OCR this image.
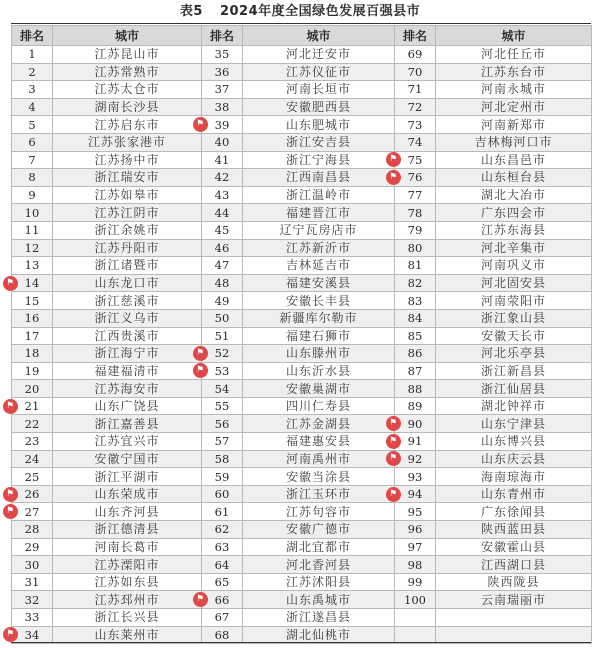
表5 2024年度全国绿色发展百强县市
排名	城市	排名	城市	排名	城市
1	江苏昆山市	35	河北迁安市	69	河北任丘市
2	江苏常熟市	36	江苏仪征市	70	江苏东台市
3	江苏太仓市	37	河南长垣市	71	河南永城市
4	湖南长沙县	38	安徽肥西县	72	河北定州市
5	江苏启东市	39	山东肥城市	73	河南新郑市
6	江苏张家港市	40	浙江安吉县	74	吉林梅河口市
7	江苏扬中市	41	浙江宁海县	75	山东昌邑市
8	浙江瑞安市	42	江西南昌县	76	山东桓台县
9	江苏如皋市	43	浙江温岭市	77	湖北大冶市
10	江苏江阴市	44	福建晋江市	78	广东四会市
11	浙江余姚市	45	辽宁瓦房店市	79	江苏东海县
12	江苏丹阳市	46	江苏新沂市	80	河北辛集市
13	浙江诸暨市	47	吉林延吉市	81	河南巩义市
14	山东龙口市	48	福建安溪县	82	河北固安县
15	浙江慈溪市	49	安徽长丰县	83	河南荥阳市
16	浙江义乌市	50	新疆库尔勒市	84	浙江象山县
17	江西贵溪市	51	福建石狮市	85	安徽天长市
18	浙江海宁市	52	山东滕州市	86	河北乐亭县
19	福建福清市	53	山东沂水县	87	浙江新昌县
20	江苏海安市	54	安徽巢湖市	88	浙江仙居县
21	山东广饶县	55	四川仁寿县	89	湖北钟祥市
22	浙江嘉善县	56	江苏金湖县	90	山东宁津县
23	江苏宜兴市	57	福建惠安县	91	山东博兴县
24	安徽宁国市	58	河南禹州市	92	山东庆云县
25	浙江平湖市	59	安徽当涂县	93	海南琼海市
26	山东荣成市	60	浙江玉环市	94	山东青州市
27	山东齐河县	61	江苏句容市	95	广东徐闻县
28	浙江德清县	62	安徽广德市	96	陕西蓝田县
29	河南长葛市	63	湖北宜都市	97	安徽霍山县
30	江苏溧阳市	64	河北香河县	98	江西湖口县
31	江苏如东县	65	江苏沭阳县	99	陕西陇县
32	江苏邳州市	66	山东禹城市	100	云南瑞丽市
33	浙江长兴县	67	浙江遂昌县		
34	山东莱州市	68	湖北仙桃市		
⚑
⚑
⚑
⚑
⚑
⚑
⚑
⚑
⚑
⚑
⚑
⚑
⚑
⚑
⚑
